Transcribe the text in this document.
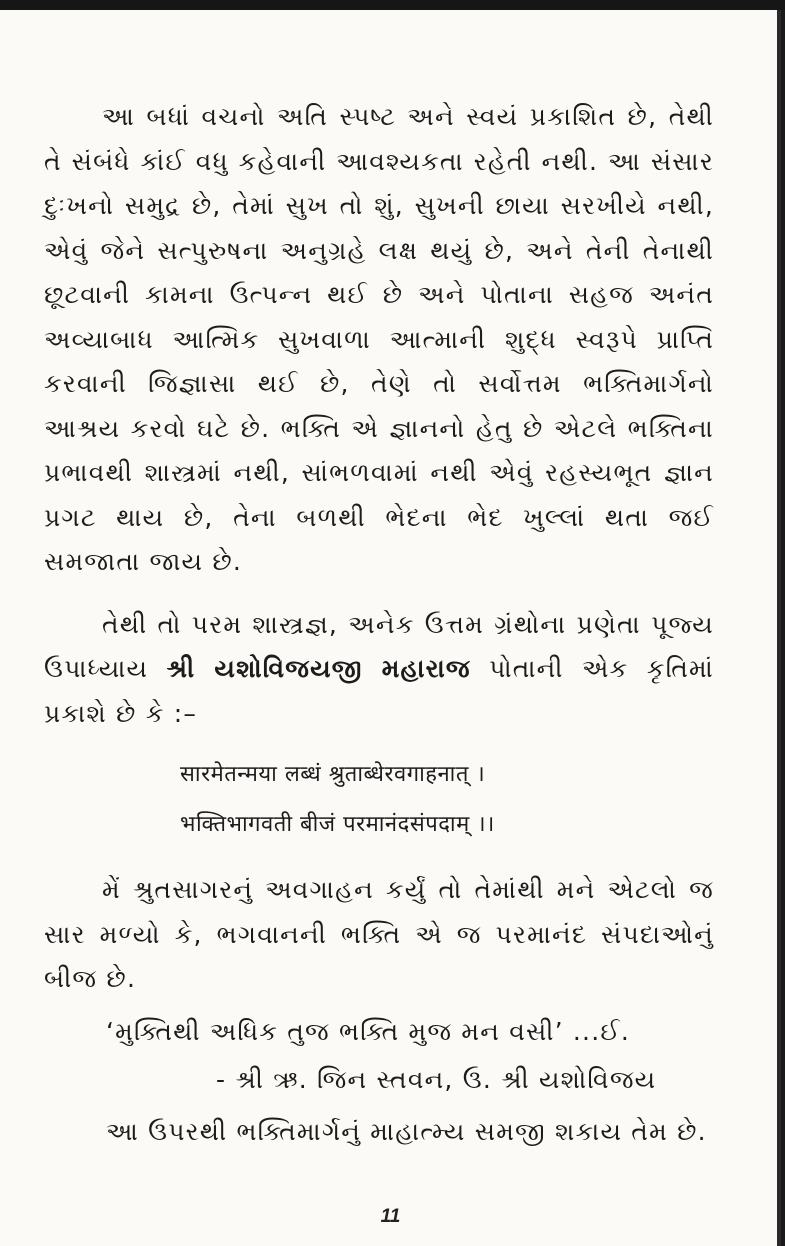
આ બધાં વચનો અતિ સ્પષ્ટ અને સ્વયં પ્રકાશિત છે, તેથી તે સંબંધે કાંઈ વધુ કહેવાની આવશ્યકતા રહેતી નથી. આ સંસાર દુઃખનો સમુદ્ર છે, તેમાં સુખ તો શું, સુખની છાયા સરખીયે નથી, એવું જેને સત્પુરુષના અનુગ્રહે લક્ષ થયું છે, અને તેની તેનાથી છૂટવાની કામના ઉત્પન્ન થઈ છે અને પોતાના સહજ અનંત અવ્યાબાધ આત્મિક સુખવાળા આત્માની શુદ્ધ સ્વરૂપે પ્રાપ્તિ કરવાની જિજ્ઞાસા થઈ છે, તેણે તો સર્વોત્તમ ભક્તિમાર્ગનો આશ્રય કરવો ઘટે છે. ભક્તિ એ જ્ઞાનનો હેતુ છે એટલે ભક્તિના પ્રભાવથી શાસ્ત્રમાં નથી, સાંભળવામાં નથી એવું રહસ્યભૂત જ્ઞાન પ્રગટ થાય છે, તેના બળથી ભેદના ભેદ ખુલ્લાં થતા જઈ સમજાતા જાય છે.

તેથી તો પરમ શાસ્ત્રજ્ઞ, અનેક ઉત્તમ ગ્રંથોના પ્રણેતા પૂજ્ય ઉપાધ્યાય શ્રી યશોવિજયજી મહારાજ પોતાની એક કૃતિમાં પ્રકાશે છે કે :–

सारमेतन्मया लब्धं श्रुताब्धेरवगाहनात् ।

भक्तिभागवती बीजं परमानंदसंपदाम् ।।

મેં શ્રુતસાગરનું અવગાહન કર્યું તો તેમાંથી મને એટલો જ સાર મળ્યો કે, ભગવાનની ભક્તિ એ જ પરમાનંદ સંપદાઓનું બીજ છે.

‘મુક્તિથી અધિક તુજ ભક્તિ મુજ મન વસી’ ...ઈ.

- શ્રી ઋ. જિન સ્તવન, ઉ. શ્રી યશોવિજય

આ ઉપરથી ભક્તિમાર્ગનું માહાત્મ્ય સમજી શકાય તેમ છે.

11
